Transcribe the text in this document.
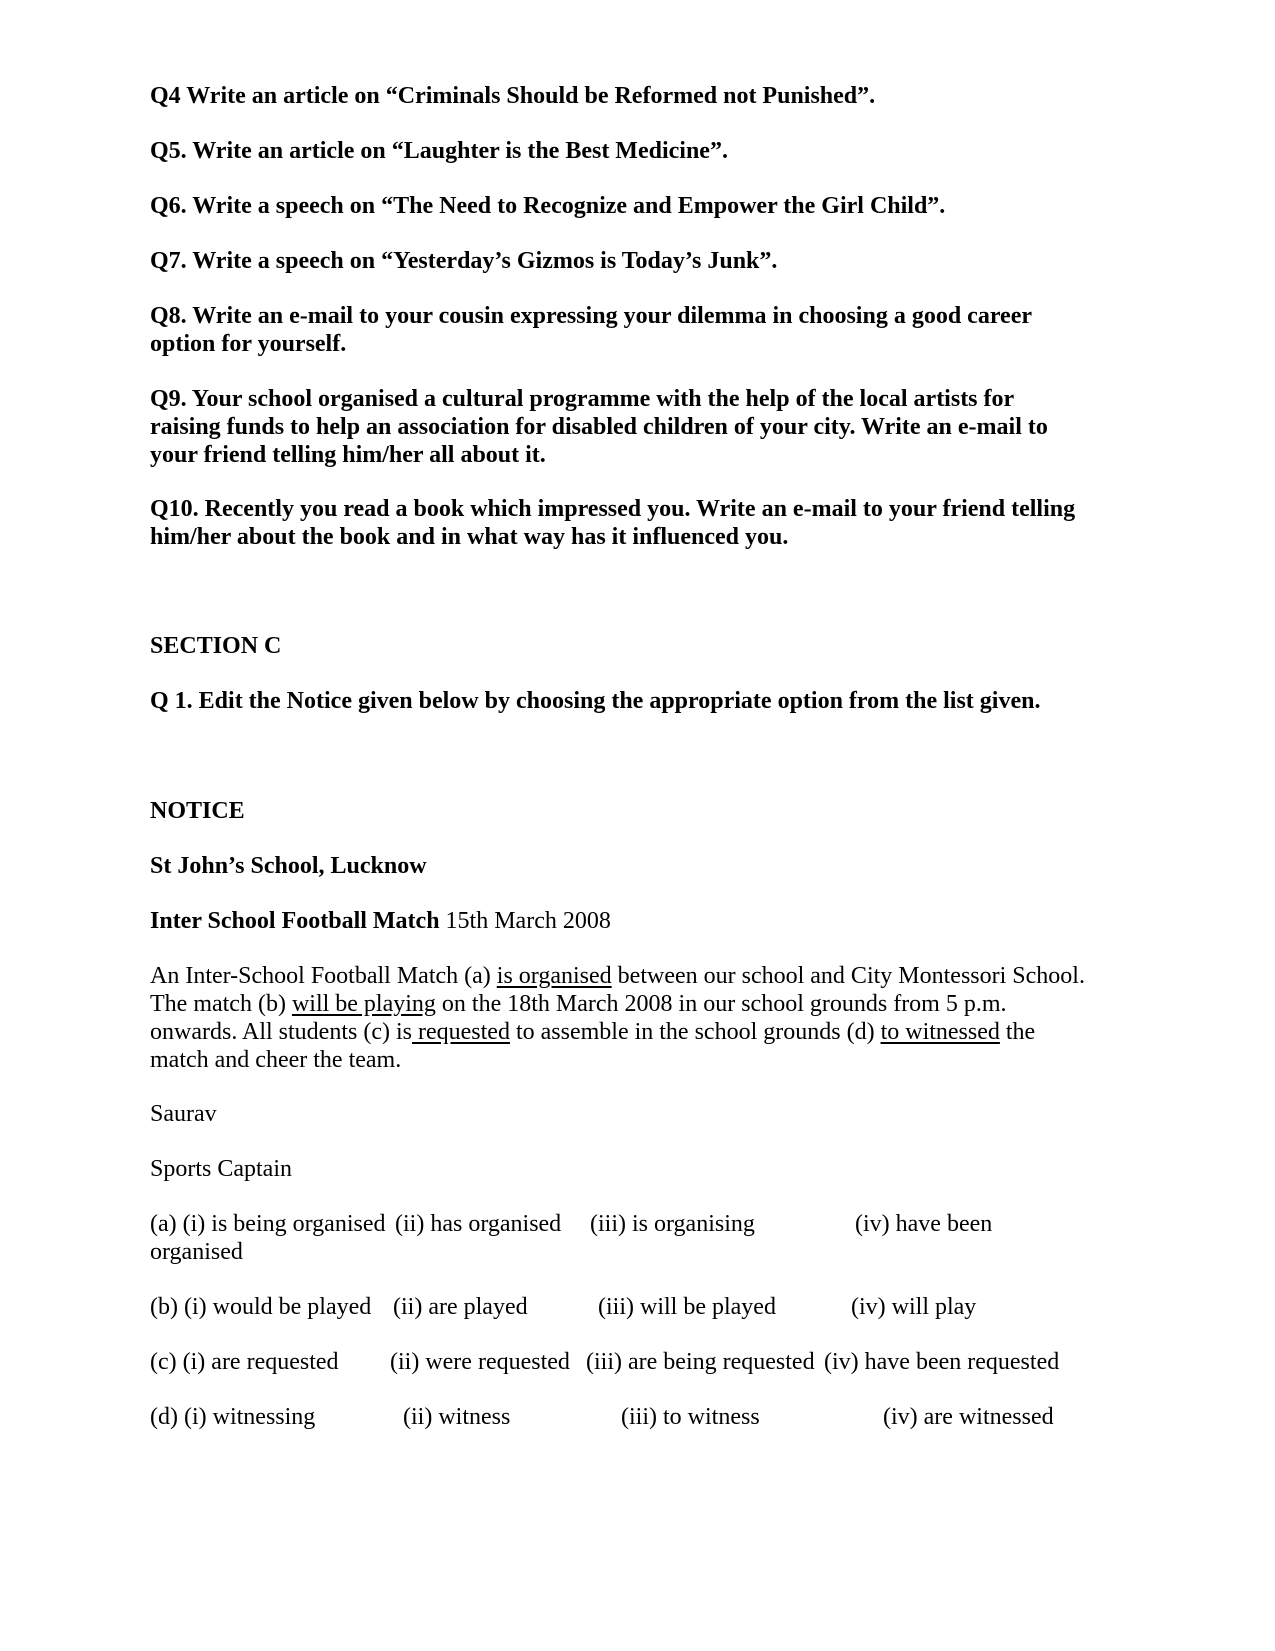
Q4 Write an article on “Criminals Should be Reformed not Punished”.

Q5. Write an article on “Laughter is the Best Medicine”.

Q6. Write a speech on “The Need to Recognize and Empower the Girl Child”.

Q7. Write a speech on “Yesterday’s Gizmos is Today’s Junk”.

Q8. Write an e-mail to your cousin expressing your dilemma in choosing a good career option for yourself.

Q9. Your school organised a cultural programme with the help of the local artists for raising funds to help an association for disabled children of your city. Write an e-mail to your friend telling him/her all about it.

Q10. Recently you read a book which impressed you. Write an e-mail to your friend telling him/her about the book and in what way has it influenced you.

SECTION C

Q 1. Edit the Notice given below by choosing the appropriate option from the list given.

NOTICE

St John’s School, Lucknow

Inter School Football Match 15th March 2008

An Inter-School Football Match (a) is organised between our school and City Montessori School. The match (b) will be playing on the 18th March 2008 in our school grounds from 5 p.m. onwards. All students (c) is requested to assemble in the school grounds (d) to witnessed the match and cheer the team.

Saurav

Sports Captain

(a) (i) is being organised (ii) has organised (iii) is organising	(iv) have been
organised
(b) (i) would be played (ii) are played	(iii) will be played	(iv) will play
(c) (i) are requested (ii) were requested (iii) are being requested (iv) have been requested
(d) (i) witnessing	(ii) witness	(iii) to witness	(iv) are witnessed
